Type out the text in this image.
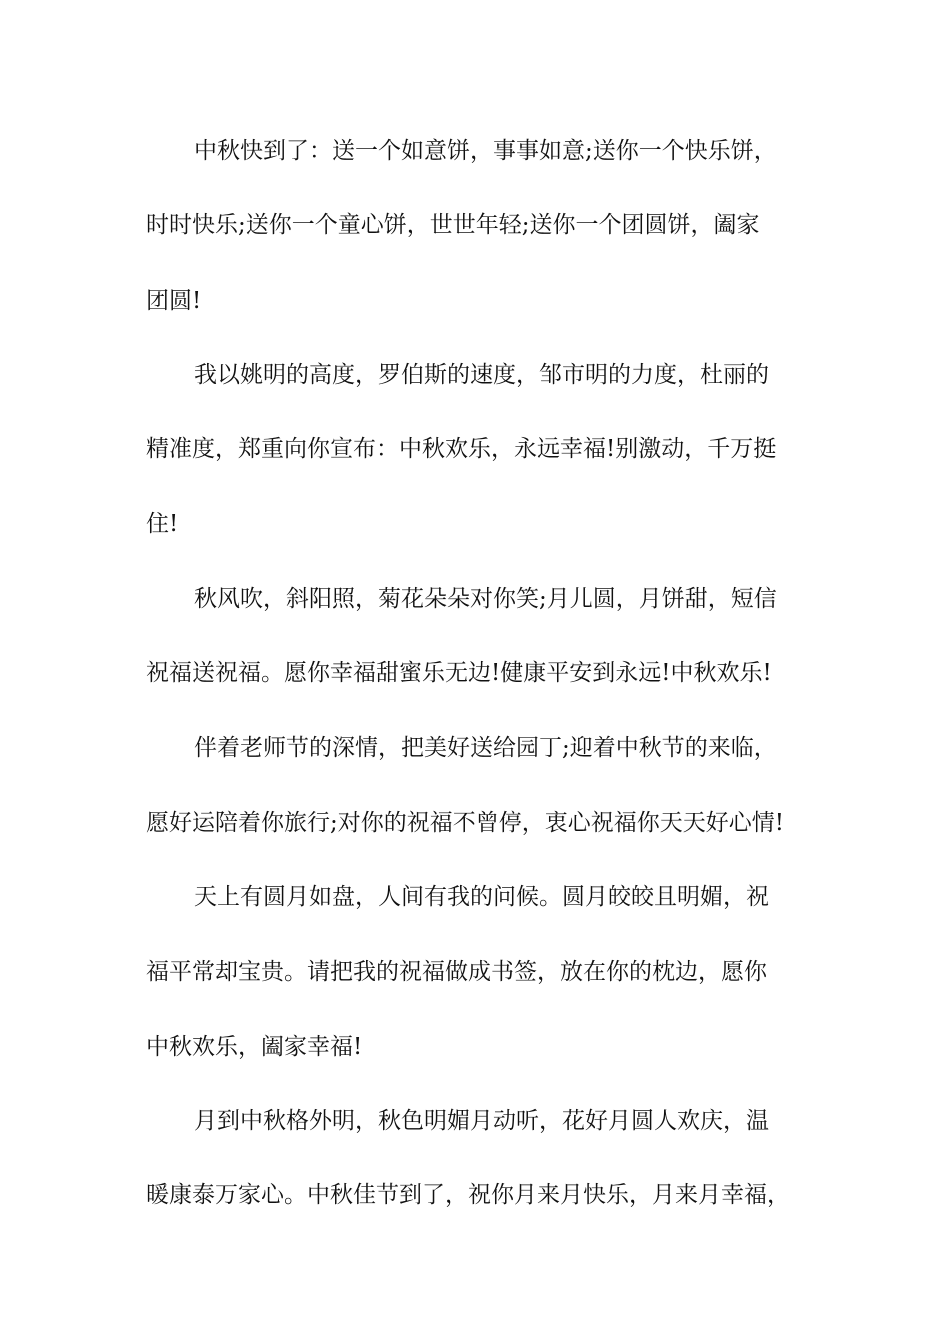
中秋快到了：送一个如意饼，事事如意;送你一个快乐饼，
时时快乐;送你一个童心饼，世世年轻;送你一个团圆饼，阖家
团圆!
我以姚明的高度，罗伯斯的速度，邹市明的力度，杜丽的
精准度，郑重向你宣布：中秋欢乐，永远幸福!别激动，千万挺
住!
秋风吹，斜阳照，菊花朵朵对你笑;月儿圆，月饼甜，短信
祝福送祝福。愿你幸福甜蜜乐无边!健康平安到永远!中秋欢乐!
伴着老师节的深情，把美好送给园丁;迎着中秋节的来临，
愿好运陪着你旅行;对你的祝福不曾停，衷心祝福你天天好心情!
天上有圆月如盘，人间有我的问候。圆月皎皎且明媚，祝
福平常却宝贵。请把我的祝福做成书签，放在你的枕边，愿你
中秋欢乐，阖家幸福!
月到中秋格外明，秋色明媚月动听，花好月圆人欢庆，温
暖康泰万家心。中秋佳节到了，祝你月来月快乐，月来月幸福，
